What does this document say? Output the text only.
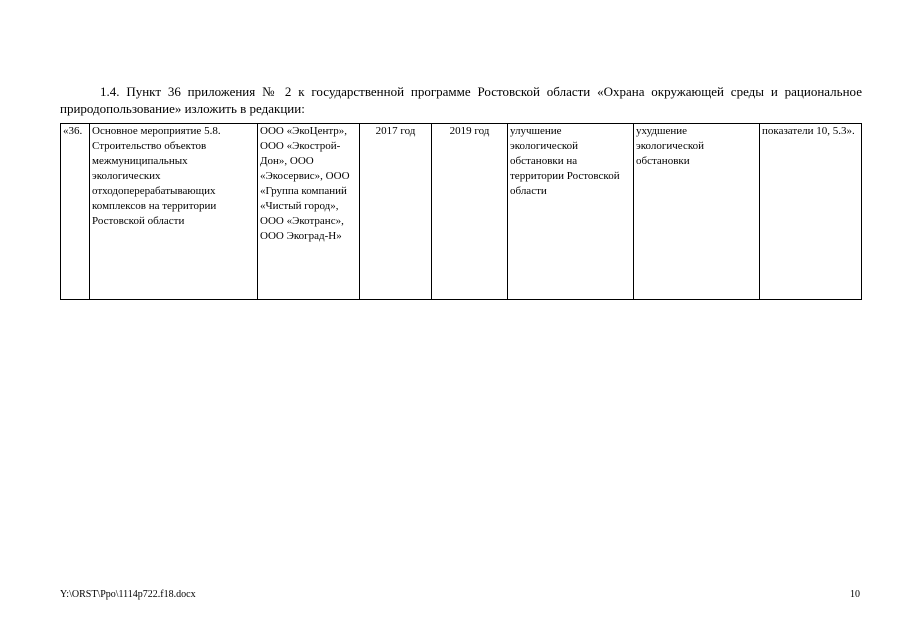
1.4. Пункт 36 приложения № 2 к государственной программе Ростовской области «Охрана окружающей среды и рациональное природопользование» изложить в редакции:

«36.	Основное мероприятие 5.8. Строительство объектов межмуниципальных экологических отходоперерабатывающих комплексов на территории Ростовской области	ООО «ЭкоЦентр», ООО «Экострой-Дон», ООО «Экосервис», ООО «Группа компаний «Чистый город», ООО «Экотранс», ООО Экоград-Н»	2017 год	2019 год	улучшение экологической обстановки на территории Ростовской области	ухудшение экологической обстановки	показатели 10, 5.3».
Y:\ORST\Ppo\1114p722.f18.docx	10
